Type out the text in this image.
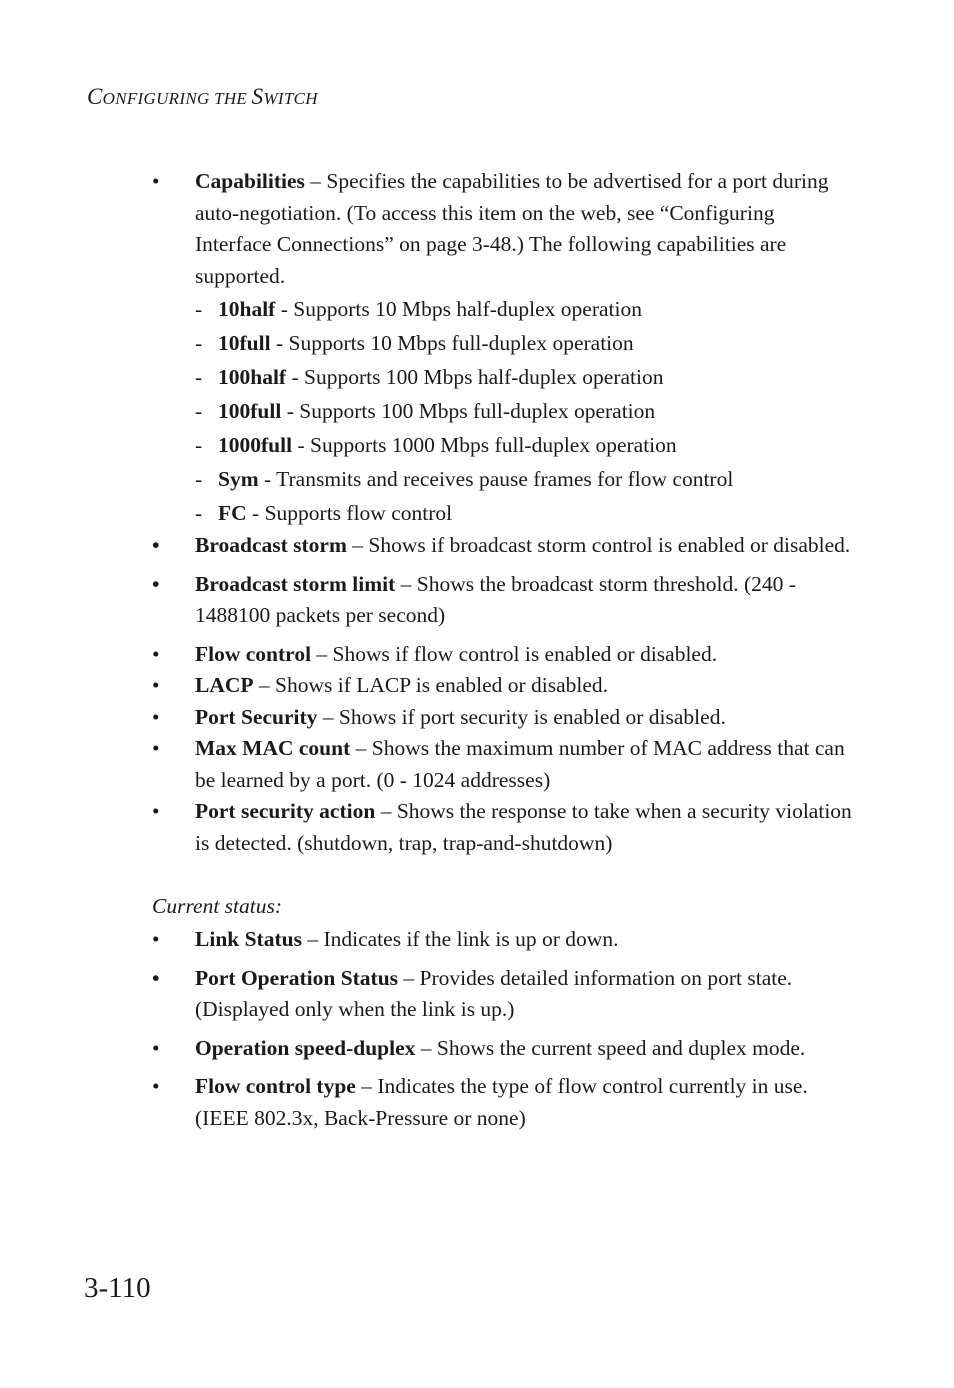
CONFIGURING THE SWITCH
•	Capabilities – Specifies the capabilities to be advertised for a port during auto-negotiation. (To access this item on the web, see “Configuring Interface Connections” on page 3-48.) The following capabilities are supported.
- 10half - Supports 10 Mbps half-duplex operation
- 10full - Supports 10 Mbps full-duplex operation
- 100half - Supports 100 Mbps half-duplex operation
- 100full - Supports 100 Mbps full-duplex operation
- 1000full - Supports 1000 Mbps full-duplex operation
- Sym - Transmits and receives pause frames for flow control
- FC - Supports flow control
•	Broadcast storm – Shows if broadcast storm control is enabled or disabled.
•	Broadcast storm limit – Shows the broadcast storm threshold. (240 - 1488100 packets per second)
•	Flow control – Shows if flow control is enabled or disabled.
•	LACP – Shows if LACP is enabled or disabled.
•	Port Security – Shows if port security is enabled or disabled.
•	Max MAC count – Shows the maximum number of MAC address that can be learned by a port. (0 - 1024 addresses)
•	Port security action – Shows the response to take when a security violation is detected. (shutdown, trap, trap-and-shutdown)
Current status:
•	Link Status – Indicates if the link is up or down.
•	Port Operation Status – Provides detailed information on port state. (Displayed only when the link is up.)
•	Operation speed-duplex – Shows the current speed and duplex mode.
•	Flow control type – Indicates the type of flow control currently in use. (IEEE 802.3x, Back-Pressure or none)
3-110
